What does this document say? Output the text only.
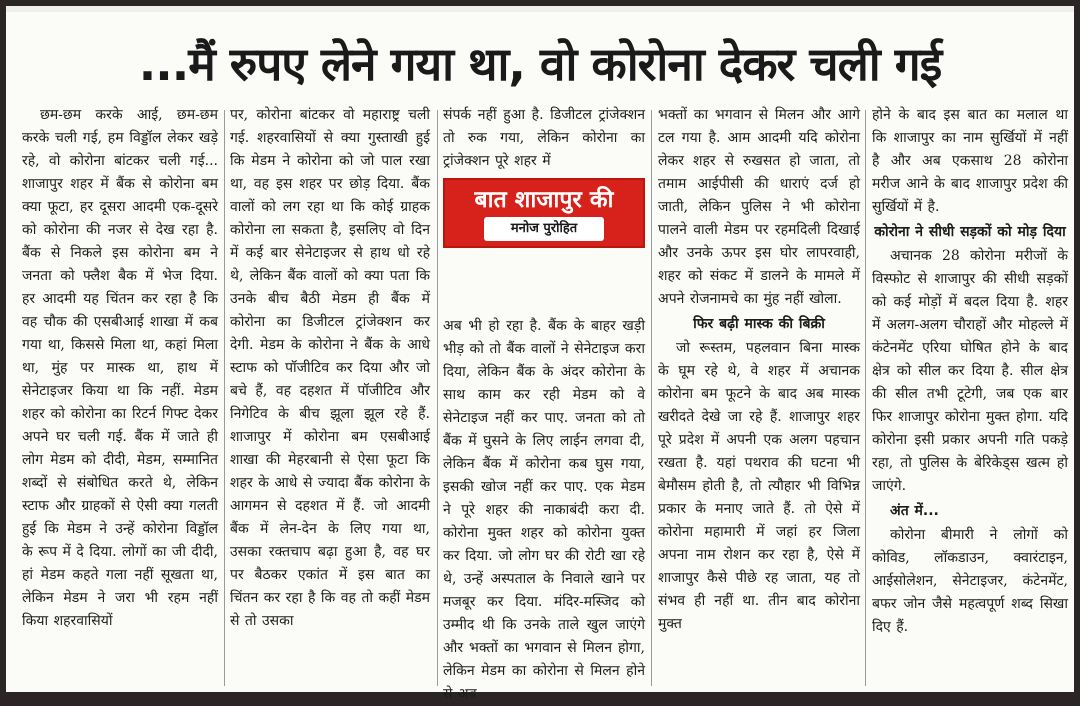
...मैं रुपए लेने गया था, वो कोरोना देकर चली गई

छम-छम करके आई, छम-छम करके चली गई, हम विड्डॉल लेकर खड़े रहे, वो कोरोना बांटकर चली गई... शाजापुर शहर में बैंक से कोरोना बम क्या फूटा, हर दूसरा आदमी एक-दूसरे को कोरोना की नजर से देख रहा है. बैंक से निकले इस कोरोना बम ने जनता को फ्लैश बैक में भेज दिया. हर आदमी यह चिंतन कर रहा है कि वह चौक की एसबीआई शाखा में कब गया था, किससे मिला था, कहां मिला था, मुंह पर मास्क था, हाथ में सेनेटाइजर किया था कि नहीं. मेडम शहर को कोरोना का रिटर्न गिफ्ट देकर अपने घर चली गई. बैंक में जाते ही लोग मेडम को दीदी, मेडम, सम्मानित शब्दों से संबोधित करते थे, लेकिन स्टाफ और ग्राहकों से ऐसी क्या गलती हुई कि मेडम ने उन्हें कोरोना विड्डॉल के रूप में दे दिया. लोगों का जी दीदी, हां मेडम कहते गला नहीं सूखता था, लेकिन मेडम ने जरा भी रहम नहीं किया शहरवासियों

पर, कोरोना बांटकर वो महाराष्ट्र चली गई. शहरवासियों से क्या गुस्ताखी हुई कि मेडम ने कोरोना को जो पाल रखा था, वह इस शहर पर छोड़ दिया. बैंक वालों को लग रहा था कि कोई ग्राहक कोरोना ला सकता है, इसलिए वो दिन में कई बार सेनेटाइजर से हाथ धो रहे थे, लेकिन बैंक वालों को क्या पता कि उनके बीच बैठी मेडम ही बैंक में कोरोना का डिजीटल ट्रांजेक्शन कर देगी. मेडम के कोरोना ने बैंक के आधे स्टाफ को पॉजीटिव कर दिया और जो बचे हैं, वह दहशत में पॉजीटिव और निगेटिव के बीच झूला झूल रहे हैं. शाजापुर में कोरोना बम एसबीआई शाखा की मेहरबानी से ऐसा फूटा कि शहर के आधे से ज्यादा बैंक कोरोना के आगमन से दहशत में हैं. जो आदमी बैंक में लेन-देन के लिए गया था, उसका रक्तचाप बढ़ा हुआ है, वह घर पर बैठकर एकांत में इस बात का चिंतन कर रहा है कि वह तो कहीं मेडम से तो उसका

संपर्क नहीं हुआ है. डिजीटल ट्रांजेक्शन तो रुक गया, लेकिन कोरोना का ट्रांजेक्शन पूरे शहर में

अब भी हो रहा है. बैंक के बाहर खड़ी भीड़ को तो बैंक वालों ने सेनेटाइज करा दिया, लेकिन बैंक के अंदर कोरोना के साथ काम कर रही मेडम को वे सेनेटाइज नहीं कर पाए. जनता को तो बैंक में घुसने के लिए लाईन लगवा दी, लेकिन बैंक में कोरोना कब घुस गया, इसकी खोज नहीं कर पाए. एक मेडम ने पूरे शहर की नाकाबंदी करा दी. कोरोना मुक्त शहर को कोरोना युक्त कर दिया. जो लोग घर की रोटी खा रहे थे, उन्हें अस्पताल के निवाले खाने पर मजबूर कर दिया. मंदिर-मस्जिद को उम्मीद थी कि उनके ताले खुल जाएंगे और भक्तों का भगवान से मिलन होगा, लेकिन मेडम का कोरोना से मिलन होने से अब

बात शाजापुर की
मनोज पुरोहित

भक्तों का भगवान से मिलन और आगे टल गया है. आम आदमी यदि कोरोना लेकर शहर से रुखसत हो जाता, तो तमाम आईपीसी की धाराएं दर्ज हो जाती, लेकिन पुलिस ने भी कोरोना पालने वाली मेडम पर रहमदिली दिखाई और उनके ऊपर इस घोर लापरवाही, शहर को संकट में डालने के मामले में अपने रोजनामचे का मुंह नहीं खोला.

फिर बढ़ी मास्क की बिक्री

जो रूस्तम, पहलवान बिना मास्क के घूम रहे थे, वे शहर में अचानक कोरोना बम फूटने के बाद अब मास्क खरीदते देखे जा रहे हैं. शाजापुर शहर पूरे प्रदेश में अपनी एक अलग पहचान रखता है. यहां पथराव की घटना भी बेमौसम होती है, तो त्यौहार भी विभिन्न प्रकार के मनाए जाते हैं. तो ऐसे में कोरोना महामारी में जहां हर जिला अपना नाम रोशन कर रहा है, ऐसे में शाजापुर कैसे पीछे रह जाता, यह तो संभव ही नहीं था. तीन बाद कोरोना मुक्त

होने के बाद इस बात का मलाल था कि शाजापुर का नाम सुर्खियों में नहीं है और अब एकसाथ 28 कोरोना मरीज आने के बाद शाजापुर प्रदेश की सुर्खियों में है.

कोरोना ने सीधी सड़कों को मोड़ दिया

अचानक 28 कोरोना मरीजों के विस्फोट से शाजापुर की सीधी सड़कों को कई मोड़ों में बदल दिया है. शहर में अलग-अलग चौराहों और मोहल्ले में कंटेनमेंट एरिया घोषित होने के बाद क्षेत्र को सील कर दिया है. सील क्षेत्र की सील तभी टूटेगी, जब एक बार फिर शाजापुर कोरोना मुक्त होगा. यदि कोरोना इसी प्रकार अपनी गति पकड़े रहा, तो पुलिस के बेरिकेड्स खत्म हो जाएंगे.

अंत में...

कोरोना बीमारी ने लोगों को कोविड, लॉकडाउन, क्वारंटाइन, आईसोलेशन, सेनेटाइजर, कंटेनमेंट, बफर जोन जैसे महत्वपूर्ण शब्द सिखा दिए हैं.
